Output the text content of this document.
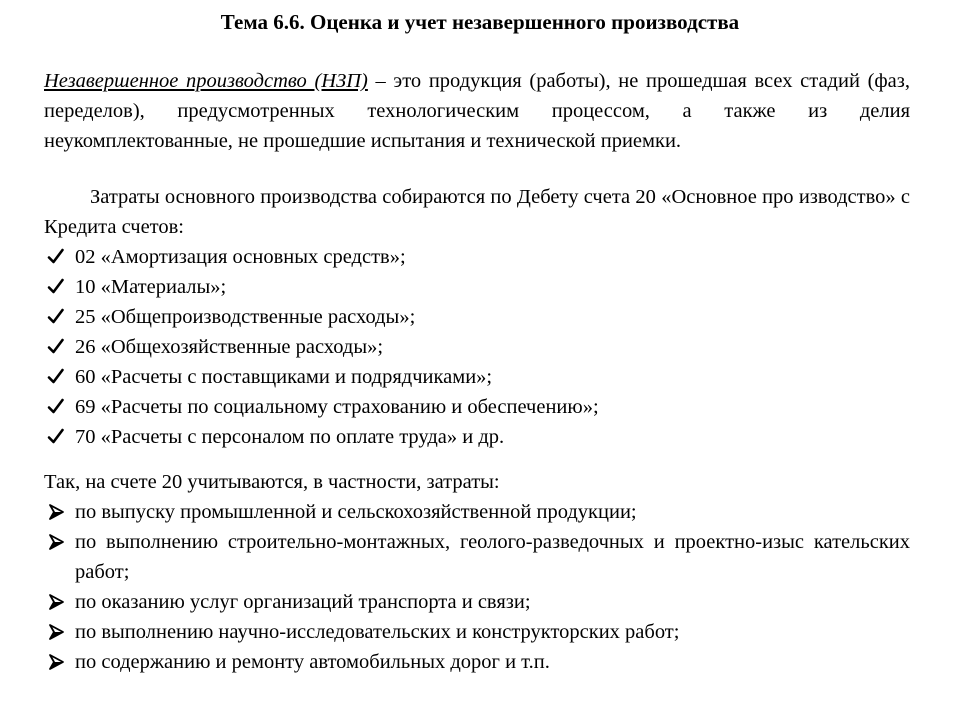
Тема 6.6. Оценка и учет незавершенного производства

Незавершенное производство (НЗП) – это продукция (работы), не прошедшая всех стадий (фаз, переделов), предусмотренных технологическим процессом, а также из делия неукомплектованные, не прошедшие испытания и технической приемки.

Затраты основного производства собираются по Дебету счета 20 «Основное про изводство» с Кредита счетов:

02 «Амортизация основных средств»;
10 «Материалы»;
25 «Общепроизводственные расходы»;
26 «Общехозяйственные расходы»;
60 «Расчеты с поставщиками и подрядчиками»;
69 «Расчеты по социальному страхованию и обеспечению»;
70 «Расчеты с персоналом по оплате труда» и др.

Так, на счете 20 учитываются, в частности, затраты:

по выпуску промышленной и сельскохозяйственной продукции;
по выполнению строительно-монтажных, геолого-разведочных и проектно-изыс кательских работ;
по оказанию услуг организаций транспорта и связи;
по выполнению научно-исследовательских и конструкторских работ;
по содержанию и ремонту автомобильных дорог и т.п.
